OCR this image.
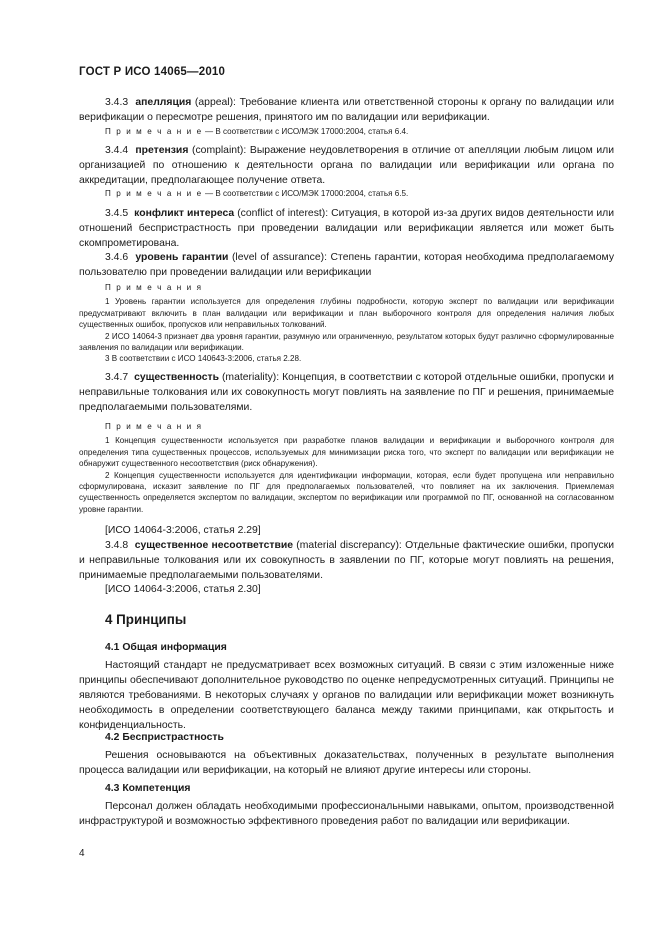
ГОСТ Р ИСО 14065—2010
3.4.3 апелляция (appeal): Требование клиента или ответственной стороны к органу по валидации или верификации о пересмотре решения, принятого им по валидации или верификации.
П р и м е ч а н и е — В соответствии с ИСО/МЭК 17000:2004, статья 6.4.
3.4.4 претензия (complaint): Выражение неудовлетворения в отличие от апелляции любым лицом или организацией по отношению к деятельности органа по валидации или верификации или органа по аккредитации, предполагающее получение ответа.
П р и м е ч а н и е — В соответствии с ИСО/МЭК 17000:2004, статья 6.5.
3.4.5 конфликт интереса (conflict of interest): Ситуация, в которой из-за других видов деятельности или отношений беспристрастность при проведении валидации или верификации является или может быть скомпрометирована.
3.4.6 уровень гарантии (level of assurance): Степень гарантии, которая необходима предполагаемому пользователю при проведении валидации или верификации

П р и м е ч а н и я

1 Уровень гарантии используется для определения глубины подробности, которую эксперт по валидации или верификации предусматривают включить в план валидации или верификации и план выборочного контроля для определения наличия любых существенных ошибок, пропусков или неправильных толкований.

2 ИСО 14064-3 признает два уровня гарантии, разумную или ограниченную, результатом которых будут различно сформулированные заявления по валидации или верификации.

3 В соответствии с ИСО 140643-3:2006, статья 2.28.

3.4.7 существенность (materiality): Концепция, в соответствии с которой отдельные ошибки, пропуски и неправильные толкования или их совокупность могут повлиять на заявление по ПГ и решения, принимаемые предполагаемыми пользователями.

П р и м е ч а н и я

1 Концепция существенности используется при разработке планов валидации и верификации и выборочного контроля для определения типа существенных процессов, используемых для минимизации риска того, что эксперт по валидации или верификации не обнаружит существенного несоответствия (риск обнаружения).

2 Концепция существенности используется для идентификации информации, которая, если будет пропущена или неправильно сформулирована, исказит заявление по ПГ для предполагаемых пользователей, что повлияет на их заключения. Приемлемая существенность определяется экспертом по валидации, экспертом по верификации или программой по ПГ, основанной на согласованном уровне гарантии.

[ИСО 14064-3:2006, статья 2.29]
3.4.8 существенное несоответствие (material discrepancy): Отдельные фактические ошибки, пропуски и неправильные толкования или их совокупность в заявлении по ПГ, которые могут повлиять на решения, принимаемые предполагаемыми пользователями.
[ИСО 14064-3:2006, статья 2.30]
4 Принципы
4.1 Общая информация
Настоящий стандарт не предусматривает всех возможных ситуаций. В связи с этим изложенные ниже принципы обеспечивают дополнительное руководство по оценке непредусмотренных ситуаций. Принципы не являются требованиями. В некоторых случаях у органов по валидации или верификации может возникнуть необходимость в определении соответствующего баланса между такими принципами, как открытость и конфиденциальность.
4.2 Беспристрастность
Решения основываются на объективных доказательствах, полученных в результате выполнения процесса валидации или верификации, на который не влияют другие интересы или стороны.
4.3 Компетенция
Персонал должен обладать необходимыми профессиональными навыками, опытом, производственной инфраструктурой и возможностью эффективного проведения работ по валидации или верификации.
4
